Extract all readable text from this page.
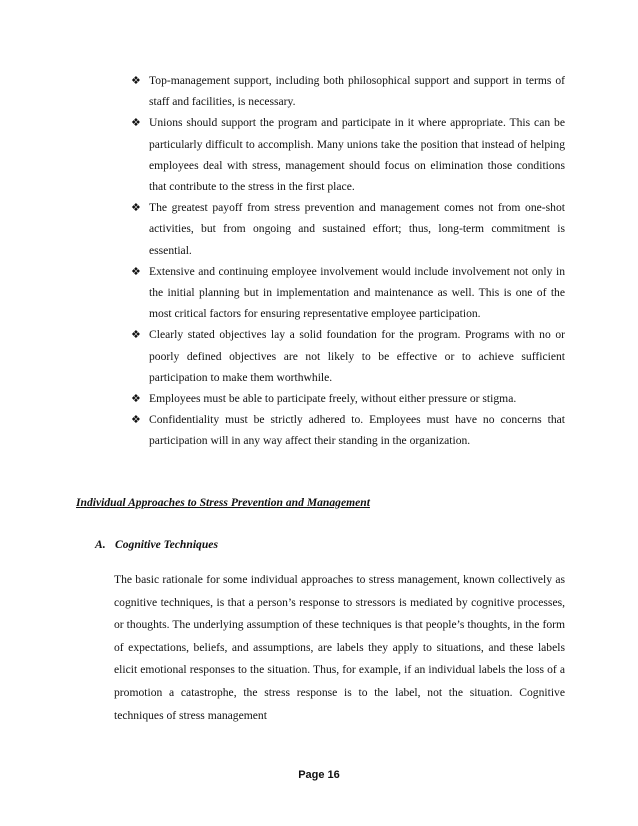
❖ Top-management support, including both philosophical support and support in terms of staff and facilities, is necessary.
❖ Unions should support the program and participate in it where appropriate. This can be particularly difficult to accomplish. Many unions take the position that instead of helping employees deal with stress, management should focus on elimination those conditions that contribute to the stress in the first place.
❖ The greatest payoff from stress prevention and management comes not from one-shot activities, but from ongoing and sustained effort; thus, long-term commitment is essential.
❖ Extensive and continuing employee involvement would include involvement not only in the initial planning but in implementation and maintenance as well. This is one of the most critical factors for ensuring representative employee participation.
❖ Clearly stated objectives lay a solid foundation for the program. Programs with no or poorly defined objectives are not likely to be effective or to achieve sufficient participation to make them worthwhile.
❖ Employees must be able to participate freely, without either pressure or stigma.
❖ Confidentiality must be strictly adhered to. Employees must have no concerns that participation will in any way affect their standing in the organization.
Individual Approaches to Stress Prevention and Management
A. Cognitive Techniques

The basic rationale for some individual approaches to stress management, known collectively as cognitive techniques, is that a person’s response to stressors is mediated by cognitive processes, or thoughts. The underlying assumption of these techniques is that people’s thoughts, in the form of expectations, beliefs, and assumptions, are labels they apply to situations, and these labels elicit emotional responses to the situation. Thus, for example, if an individual labels the loss of a promotion a catastrophe, the stress response is to the label, not the situation. Cognitive techniques of stress management

Page 16
